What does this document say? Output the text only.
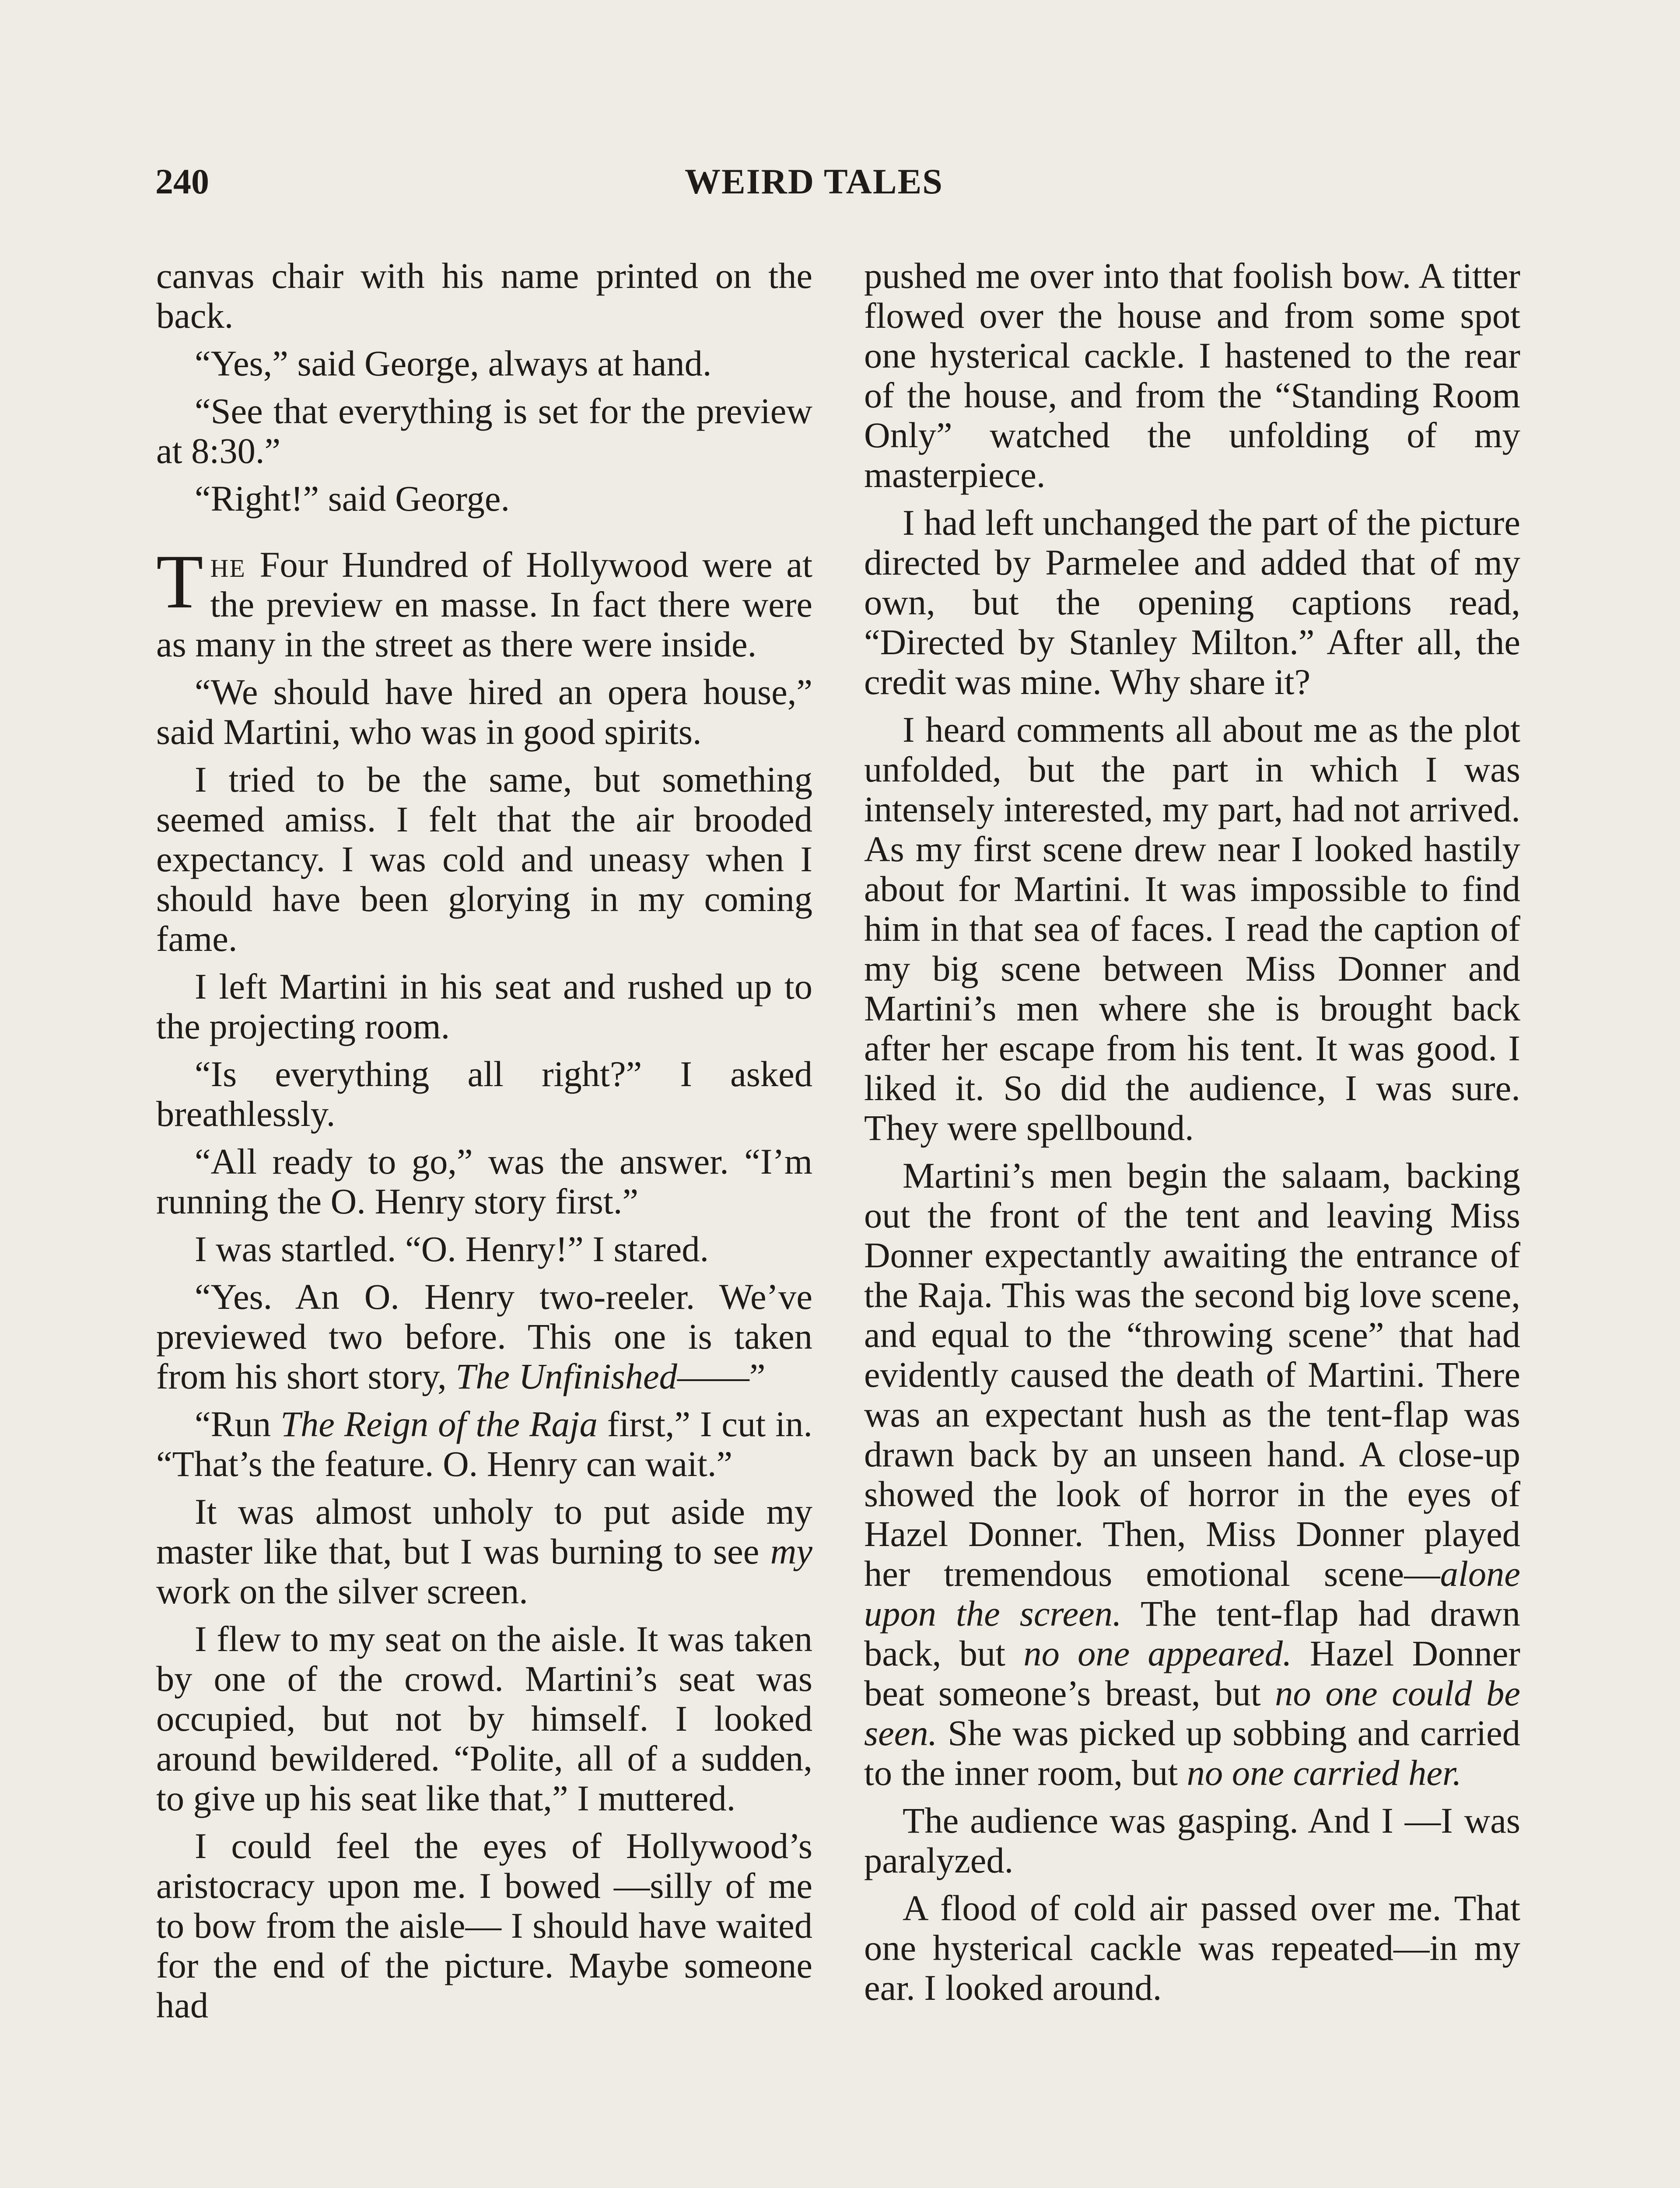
240	WEIRD TALES

canvas chair with his name printed on the back.

“Yes,” said George, always at hand.

“See that everything is set for the preview at 8:30.”

“Right!” said George.

The Four Hundred of Hollywood were at the preview en masse. In fact there were as many in the street as there were inside.

“We should have hired an opera house,” said Martini, who was in good spirits.

I tried to be the same, but something seemed amiss. I felt that the air brooded expectancy. I was cold and uneasy when I should have been glorying in my coming fame.

I left Martini in his seat and rushed up to the projecting room.

“Is everything all right?” I asked breathlessly.

“All ready to go,” was the answer. “I’m running the O. Henry story first.”

I was startled. “O. Henry!” I stared.

“Yes. An O. Henry two-reeler. We’ve previewed two before. This one is taken from his short story, The Unfinished——”

“Run The Reign of the Raja first,” I cut in. “That’s the feature. O. Henry can wait.”

It was almost unholy to put aside my master like that, but I was burning to see my work on the silver screen.

I flew to my seat on the aisle. It was taken by one of the crowd. Martini’s seat was occupied, but not by himself. I looked around bewildered. “Polite, all of a sudden, to give up his seat like that,” I muttered.

I could feel the eyes of Hollywood’s aristocracy upon me. I bowed —silly of me to bow from the aisle— I should have waited for the end of the picture. Maybe someone had

pushed me over into that foolish bow. A titter flowed over the house and from some spot one hysterical cackle. I hastened to the rear of the house, and from the “Standing Room Only” watched the unfolding of my masterpiece.

I had left unchanged the part of the picture directed by Parmelee and added that of my own, but the opening captions read, “Directed by Stanley Milton.” After all, the credit was mine. Why share it?

I heard comments all about me as the plot unfolded, but the part in which I was intensely interested, my part, had not arrived. As my first scene drew near I looked hastily about for Martini. It was impossible to find him in that sea of faces. I read the caption of my big scene between Miss Donner and Martini’s men where she is brought back after her escape from his tent. It was good. I liked it. So did the audience, I was sure. They were spellbound.

Martini’s men begin the salaam, backing out the front of the tent and leaving Miss Donner expectantly awaiting the entrance of the Raja. This was the second big love scene, and equal to the “throwing scene” that had evidently caused the death of Martini. There was an expectant hush as the tent-flap was drawn back by an unseen hand. A close-up showed the look of horror in the eyes of Hazel Donner. Then, Miss Donner played her tremendous emotional scene—alone upon the screen. The tent-flap had drawn back, but no one appeared. Hazel Donner beat someone’s breast, but no one could be seen. She was picked up sobbing and carried to the inner room, but no one carried her.

The audience was gasping. And I —I was paralyzed.

A flood of cold air passed over me. That one hysterical cackle was repeated—in my ear. I looked around.
